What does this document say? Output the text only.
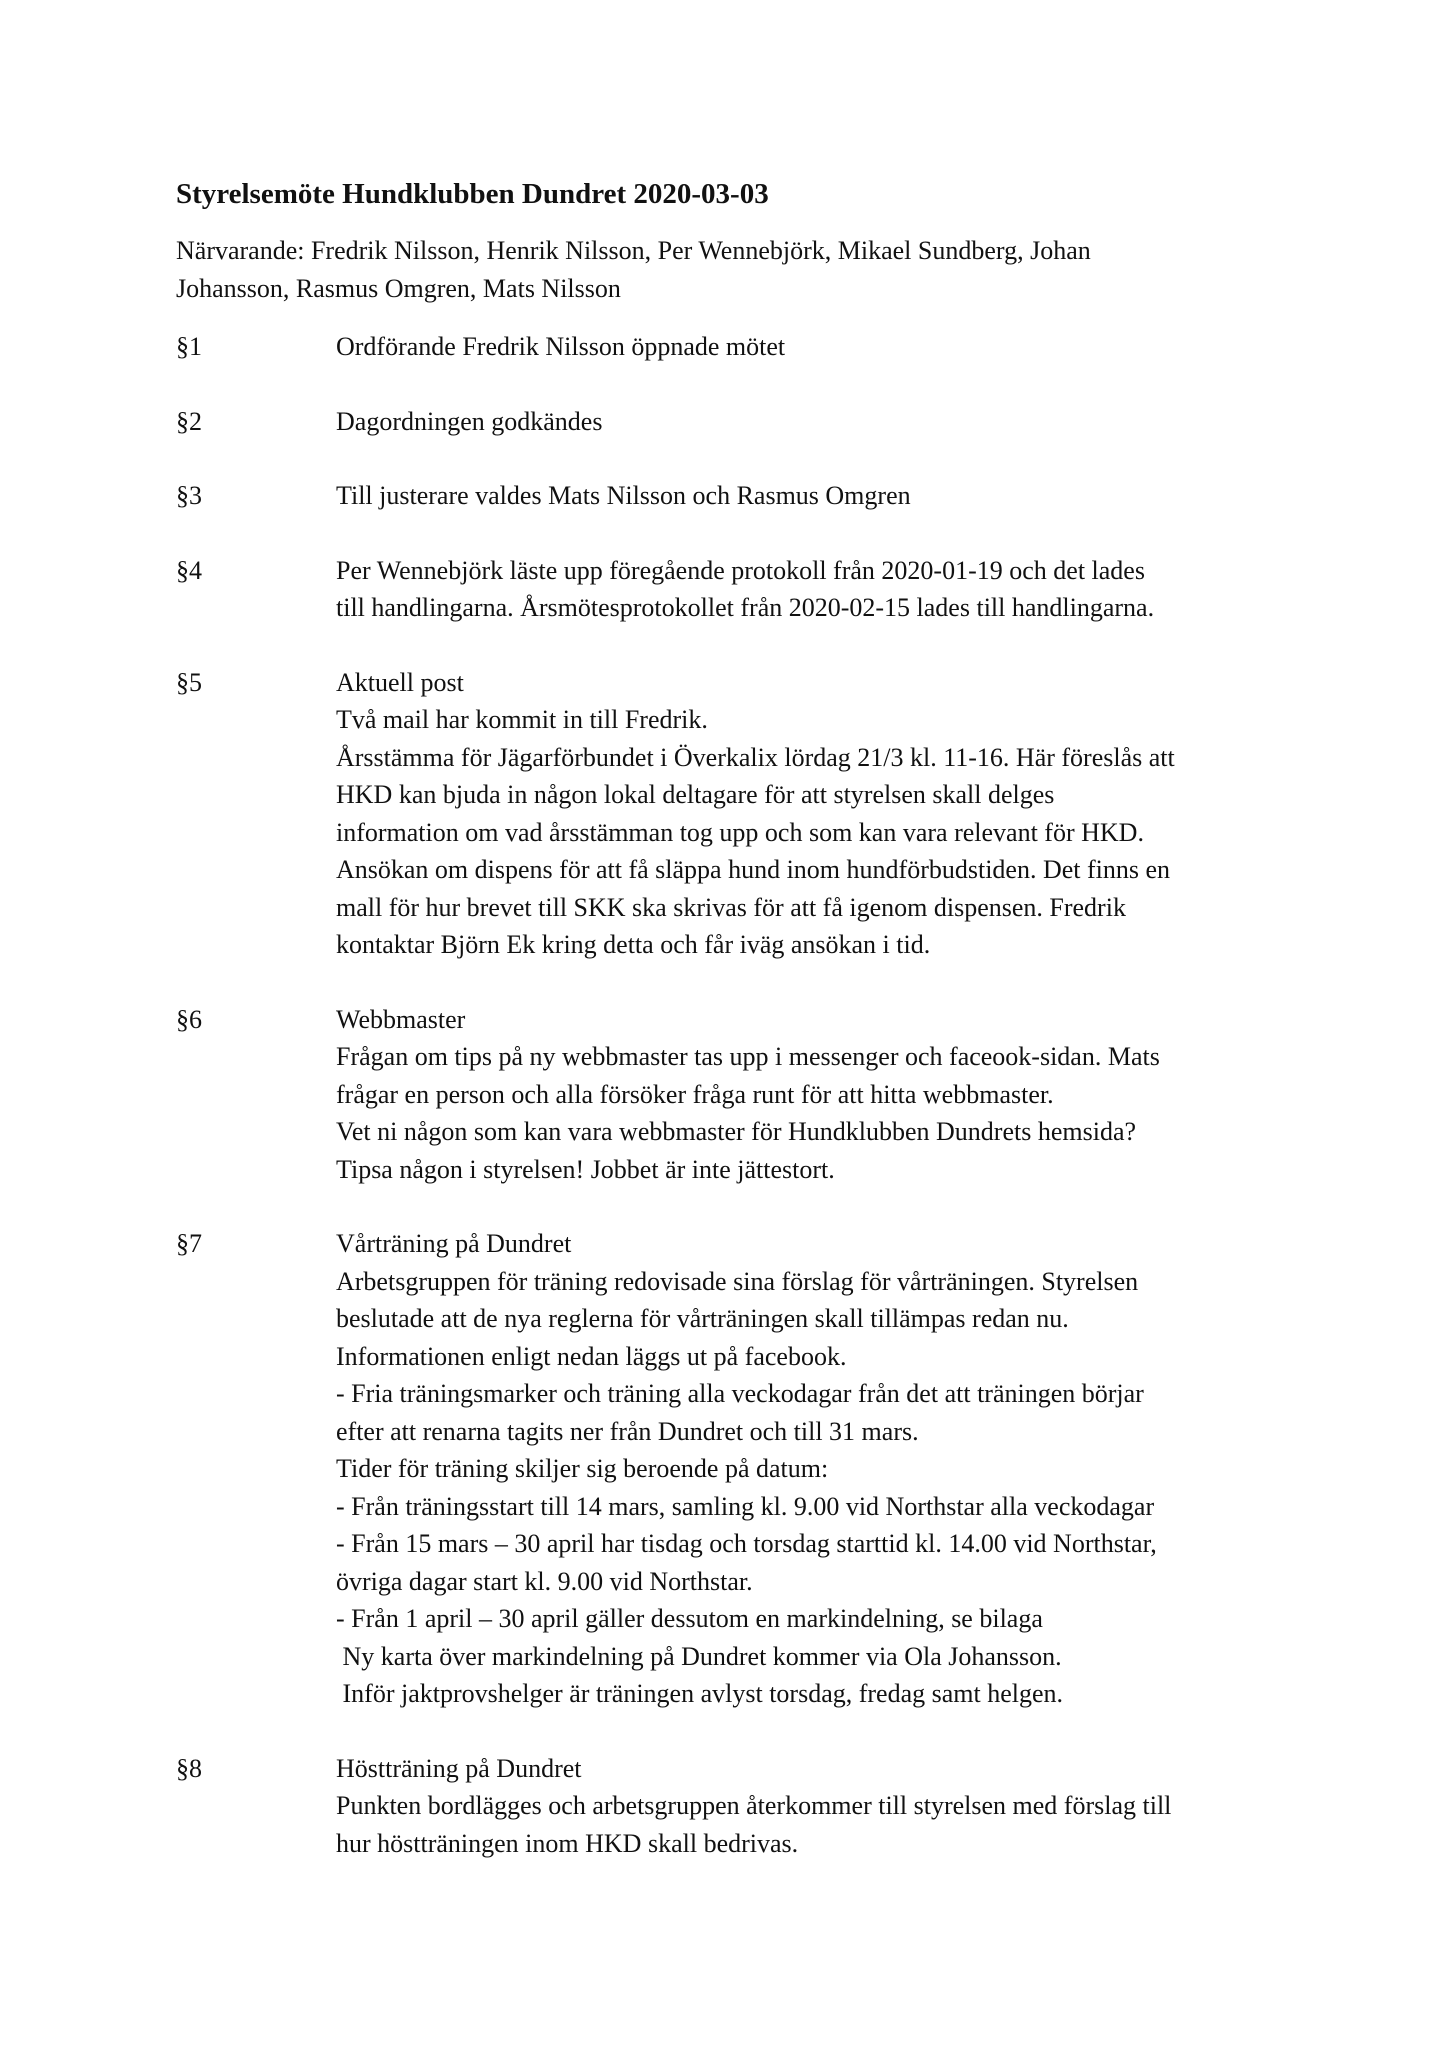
Styrelsemöte Hundklubben Dundret 2020-03-03
Närvarande: Fredrik Nilsson, Henrik Nilsson, Per Wennebjörk, Mikael Sundberg, Johan
Johansson, Rasmus Omgren, Mats Nilsson
§1	Ordförande Fredrik Nilsson öppnade mötet
§2	Dagordningen godkändes
§3	Till justerare valdes Mats Nilsson och Rasmus Omgren
§4	Per Wennebjörk läste upp föregående protokoll från 2020-01-19 och det lades
till handlingarna. Årsmötesprotokollet från 2020-02-15 lades till handlingarna.
§5	Aktuell post
Två mail har kommit in till Fredrik.
Årsstämma för Jägarförbundet i Överkalix lördag 21/3 kl. 11-16. Här föreslås att
HKD kan bjuda in någon lokal deltagare för att styrelsen skall delges
information om vad årsstämman tog upp och som kan vara relevant för HKD.
Ansökan om dispens för att få släppa hund inom hundförbudstiden. Det finns en
mall för hur brevet till SKK ska skrivas för att få igenom dispensen. Fredrik
kontaktar Björn Ek kring detta och får iväg ansökan i tid.
§6	Webbmaster
Frågan om tips på ny webbmaster tas upp i messenger och faceook-sidan. Mats
frågar en person och alla försöker fråga runt för att hitta webbmaster.
Vet ni någon som kan vara webbmaster för Hundklubben Dundrets hemsida?
Tipsa någon i styrelsen! Jobbet är inte jättestort.
§7	Vårträning på Dundret
Arbetsgruppen för träning redovisade sina förslag för vårträningen. Styrelsen
beslutade att de nya reglerna för vårträningen skall tillämpas redan nu.
Informationen enligt nedan läggs ut på facebook.
- Fria träningsmarker och träning alla veckodagar från det att träningen börjar
efter att renarna tagits ner från Dundret och till 31 mars.
Tider för träning skiljer sig beroende på datum:
- Från träningsstart till 14 mars, samling kl. 9.00 vid Northstar alla veckodagar
- Från 15 mars – 30 april har tisdag och torsdag starttid kl. 14.00 vid Northstar,
övriga dagar start kl. 9.00 vid Northstar.
- Från 1 april – 30 april gäller dessutom en markindelning, se bilaga
Ny karta över markindelning på Dundret kommer via Ola Johansson.
Inför jaktprovshelger är träningen avlyst torsdag, fredag samt helgen.
§8	Höstträning på Dundret
Punkten bordlägges och arbetsgruppen återkommer till styrelsen med förslag till
hur höstträningen inom HKD skall bedrivas.
